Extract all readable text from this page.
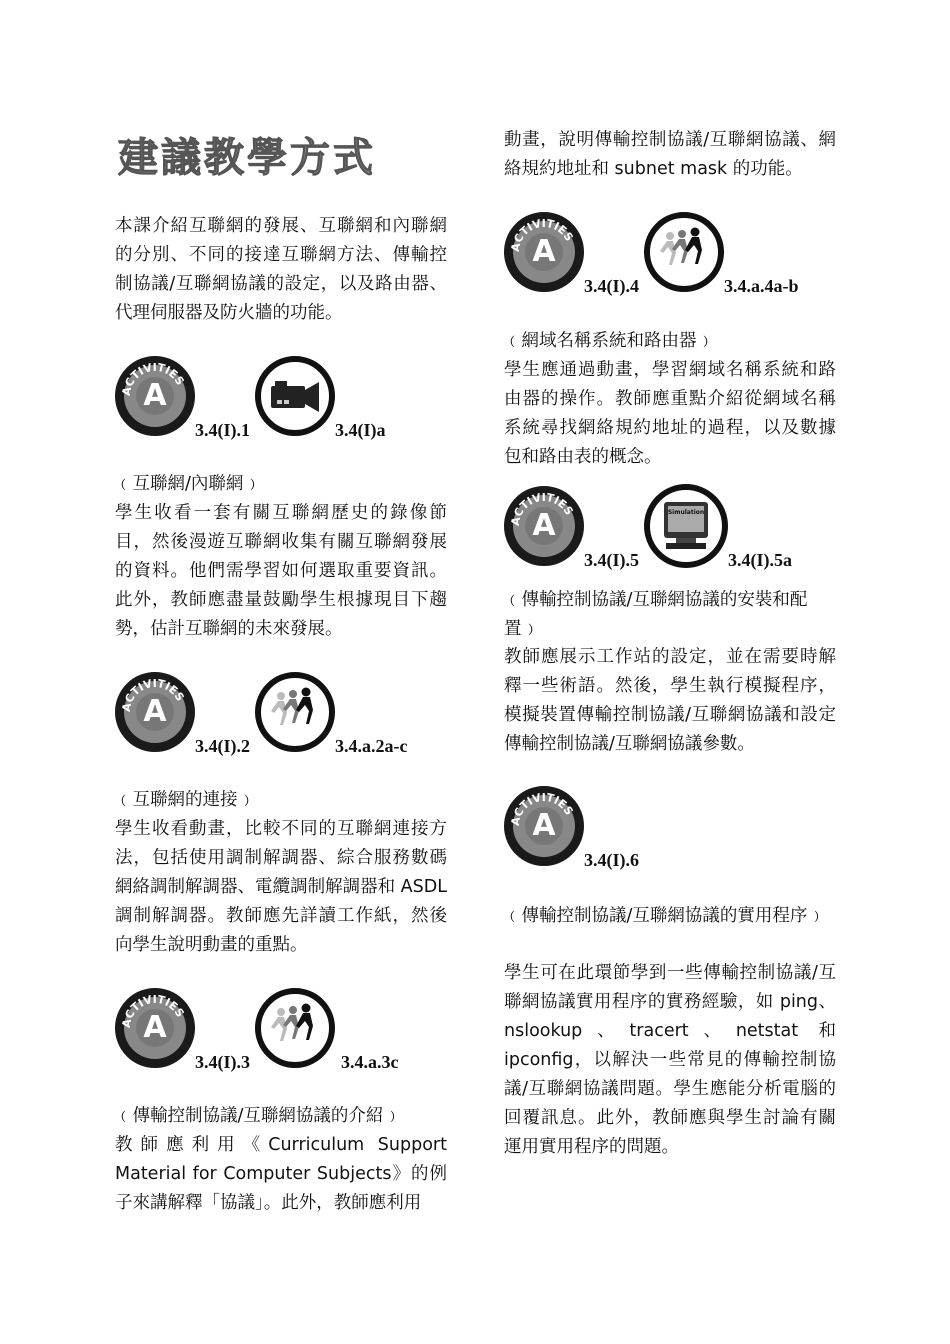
建議教學方式

本課介紹互聯網的發展、互聯網和內聯網的分別、不同的接達互聯網方法、傳輸控制協議/互聯網協議的設定，以及路由器、代理伺服器及防火牆的功能。

ACTIVITIES
A
3.4(I).1	3.4(I)a

﹙互聯網/內聯網﹚

學生收看一套有關互聯網歷史的錄像節目，然後漫遊互聯網收集有關互聯網發展的資料。他們需學習如何選取重要資訊。此外，教師應盡量鼓勵學生根據現目下趨勢，估計互聯網的未來發展。

ACTIVITIES
A
3.4(I).2	3.4.a.2a-c

﹙互聯網的連接﹚

學生收看動畫，比較不同的互聯網連接方法，包括使用調制解調器、綜合服務數碼網絡調制解調器、電纜調制解調器和 ASDL 調制解調器。教師應先詳讀工作紙，然後向學生說明動畫的重點。

ACTIVITIES
A
3.4(I).3	3.4.a.3c

﹙傳輸控制協議/互聯網協議的介紹﹚

教師應利用《Curriculum Support Material for Computer Subjects》的例子來講解釋「協議」。此外，教師應利用

動畫，說明傳輸控制協議/互聯網協議、網絡規約地址和 subnet mask 的功能。

ACTIVITIES
A
3.4(I).4	3.4.a.4a-b

﹙網域名稱系統和路由器﹚

學生應通過動畫，學習網域名稱系統和路由器的操作。教師應重點介紹從網域名稱系統尋找網絡規約地址的過程，以及數據包和路由表的概念。

ACTIVITIES
A	Simulation
3.4(I).5	3.4(I).5a

﹙傳輸控制協議/互聯網協議的安裝和配置﹚

教師應展示工作站的設定，並在需要時解釋一些術語。然後，學生執行模擬程序，模擬裝置傳輸控制協議/互聯網協議和設定傳輸控制協議/互聯網協議參數。

ACTIVITIES
A
3.4(I).6

﹙傳輸控制協議/互聯網協議的實用程序﹚

學生可在此環節學到一些傳輸控制協議/互聯網協議實用程序的實務經驗，如 ping、nslookup、tracert、netstat 和 ipconfig，以解決一些常見的傳輸控制協議/互聯網協議問題。學生應能分析電腦的回覆訊息。此外，教師應與學生討論有關運用實用程序的問題。
